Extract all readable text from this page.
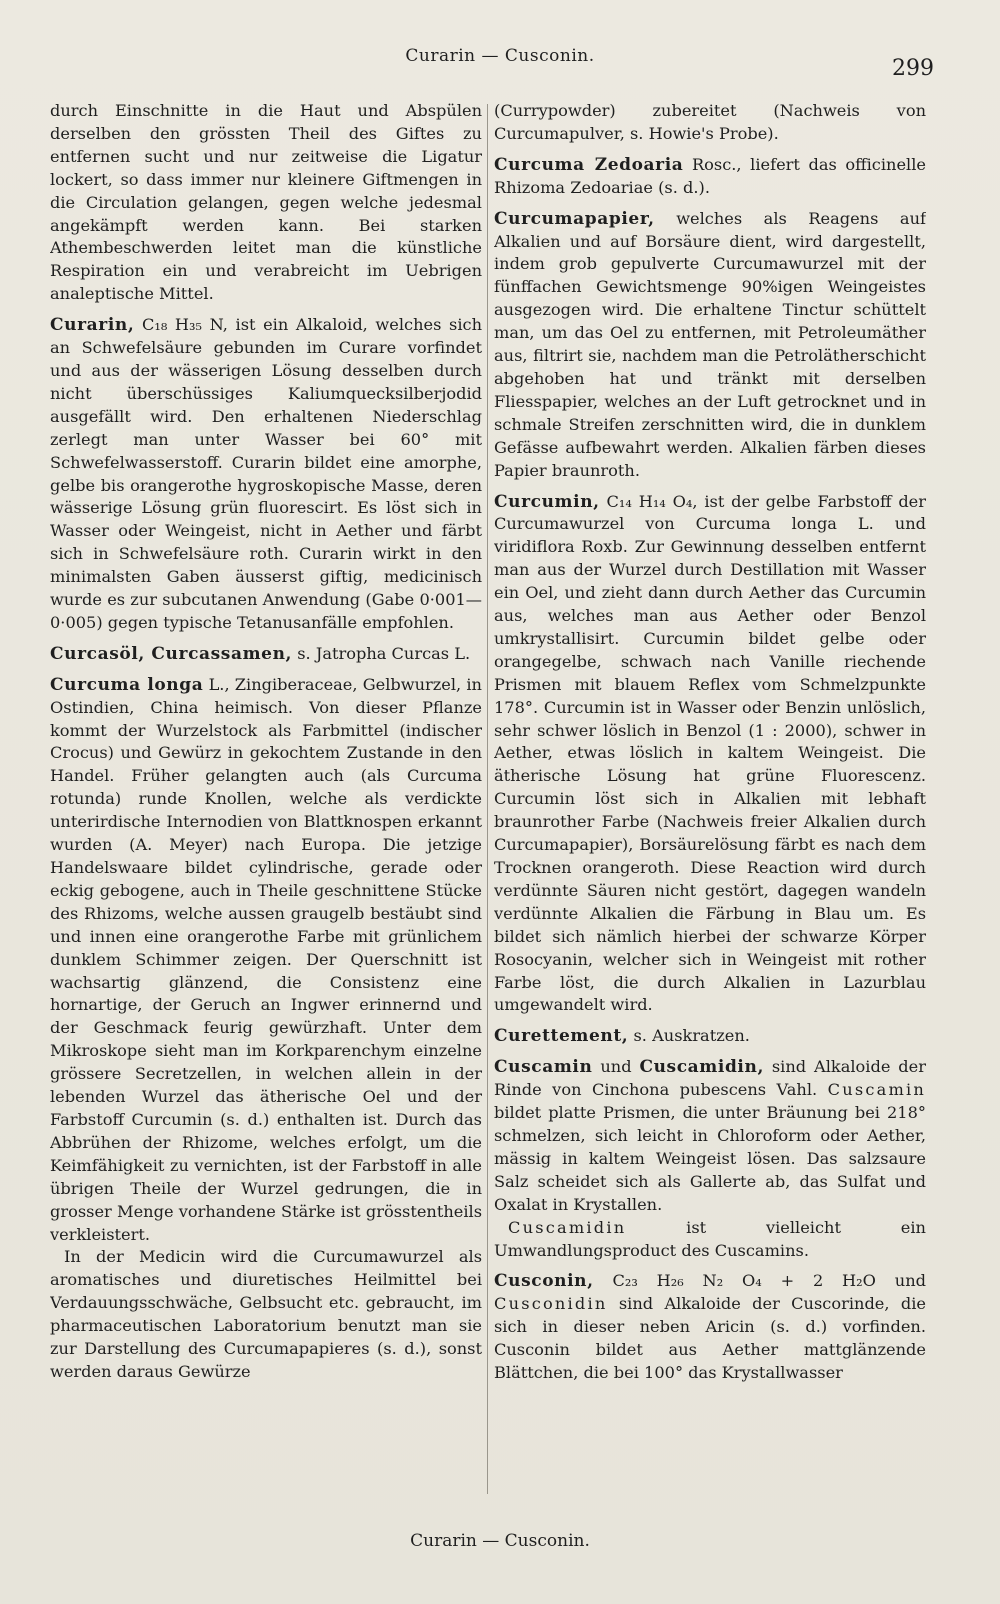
Curarin — Cusconin.	299

durch Einschnitte in die Haut und Abspülen derselben den grössten Theil des Giftes zu entfernen sucht und nur zeitweise die Ligatur lockert, so dass immer nur kleinere Giftmengen in die Circulation gelangen, gegen welche jedesmal angekämpft werden kann. Bei starken Athembeschwerden leitet man die künstliche Respiration ein und verabreicht im Uebrigen analeptische Mittel.

Curarin, C₁₈ H₃₅ N, ist ein Alkaloid, welches sich an Schwefelsäure gebunden im Curare vorfindet und aus der wässerigen Lösung desselben durch nicht überschüssiges Kaliumquecksilberjodid ausgefällt wird. Den erhaltenen Niederschlag zerlegt man unter Wasser bei 60° mit Schwefelwasserstoff. Curarin bildet eine amorphe, gelbe bis orangerothe hygroskopische Masse, deren wässerige Lösung grün fluorescirt. Es löst sich in Wasser oder Weingeist, nicht in Aether und färbt sich in Schwefelsäure roth. Curarin wirkt in den minimalsten Gaben äusserst giftig, medicinisch wurde es zur subcutanen Anwendung (Gabe 0·001—0·005) gegen typische Tetanusanfälle empfohlen.

Curcasöl, Curcassamen, s. Jatropha Curcas L.

Curcuma longa L., Zingiberaceae, Gelbwurzel, in Ostindien, China heimisch. Von dieser Pflanze kommt der Wurzelstock als Farbmittel (indischer Crocus) und Gewürz in gekochtem Zustande in den Handel. Früher gelangten auch (als Curcuma rotunda) runde Knollen, welche als verdickte unterirdische Internodien von Blattknospen erkannt wurden (A. Meyer) nach Europa. Die jetzige Handelswaare bildet cylindrische, gerade oder eckig gebogene, auch in Theile geschnittene Stücke des Rhizoms, welche aussen graugelb bestäubt sind und innen eine orangerothe Farbe mit grünlichem dunklem Schimmer zeigen. Der Querschnitt ist wachsartig glänzend, die Consistenz eine hornartige, der Geruch an Ingwer erinnernd und der Geschmack feurig gewürzhaft. Unter dem Mikroskope sieht man im Korkparenchym einzelne grössere Secretzellen, in welchen allein in der lebenden Wurzel das ätherische Oel und der Farbstoff Curcumin (s. d.) enthalten ist. Durch das Abbrühen der Rhizome, welches erfolgt, um die Keimfähigkeit zu vernichten, ist der Farbstoff in alle übrigen Theile der Wurzel gedrungen, die in grosser Menge vorhandene Stärke ist grösstentheils verkleistert.

In der Medicin wird die Curcumawurzel als aromatisches und diuretisches Heilmittel bei Verdauungsschwäche, Gelbsucht etc. gebraucht, im pharmaceutischen Laboratorium benutzt man sie zur Darstellung des Curcumapapieres (s. d.), sonst werden daraus Gewürze

(Currypowder) zubereitet (Nachweis von Curcumapulver, s. Howie's Probe).

Curcuma Zedoaria Rosc., liefert das officinelle Rhizoma Zedoariae (s. d.).

Curcumapapier, welches als Reagens auf Alkalien und auf Borsäure dient, wird dargestellt, indem grob gepulverte Curcumawurzel mit der fünffachen Gewichtsmenge 90%igen Weingeistes ausgezogen wird. Die erhaltene Tinctur schüttelt man, um das Oel zu entfernen, mit Petroleumäther aus, filtrirt sie, nachdem man die Petrolätherschicht abgehoben hat und tränkt mit derselben Fliesspapier, welches an der Luft getrocknet und in schmale Streifen zerschnitten wird, die in dunklem Gefässe aufbewahrt werden. Alkalien färben dieses Papier braunroth.

Curcumin, C₁₄ H₁₄ O₄, ist der gelbe Farbstoff der Curcumawurzel von Curcuma longa L. und viridiflora Roxb. Zur Gewinnung desselben entfernt man aus der Wurzel durch Destillation mit Wasser ein Oel, und zieht dann durch Aether das Curcumin aus, welches man aus Aether oder Benzol umkrystallisirt. Curcumin bildet gelbe oder orangegelbe, schwach nach Vanille riechende Prismen mit blauem Reflex vom Schmelzpunkte 178°. Curcumin ist in Wasser oder Benzin unlöslich, sehr schwer löslich in Benzol (1 : 2000), schwer in Aether, etwas löslich in kaltem Weingeist. Die ätherische Lösung hat grüne Fluorescenz. Curcumin löst sich in Alkalien mit lebhaft braunrother Farbe (Nachweis freier Alkalien durch Curcumapapier), Borsäurelösung färbt es nach dem Trocknen orangeroth. Diese Reaction wird durch verdünnte Säuren nicht gestört, dagegen wandeln verdünnte Alkalien die Färbung in Blau um. Es bildet sich nämlich hierbei der schwarze Körper Rosocyanin, welcher sich in Weingeist mit rother Farbe löst, die durch Alkalien in Lazurblau umgewandelt wird.

Curettement, s. Auskratzen.

Cuscamin und Cuscamidin, sind Alkaloide der Rinde von Cinchona pubescens Vahl. Cuscamin bildet platte Prismen, die unter Bräunung bei 218° schmelzen, sich leicht in Chloroform oder Aether, mässig in kaltem Weingeist lösen. Das salzsaure Salz scheidet sich als Gallerte ab, das Sulfat und Oxalat in Krystallen.

Cuscamidin	ist vielleicht ein Umwandlungsproduct des Cuscamins.

Cusconin, C₂₃ H₂₆ N₂ O₄ + 2 H₂O und Cusconidin sind Alkaloide der Cuscorinde, die sich in dieser neben Aricin (s. d.) vorfinden. Cusconin bildet aus Aether mattglänzende Blättchen, die bei 100° das Krystallwasser

Curarin — Cusconin.
